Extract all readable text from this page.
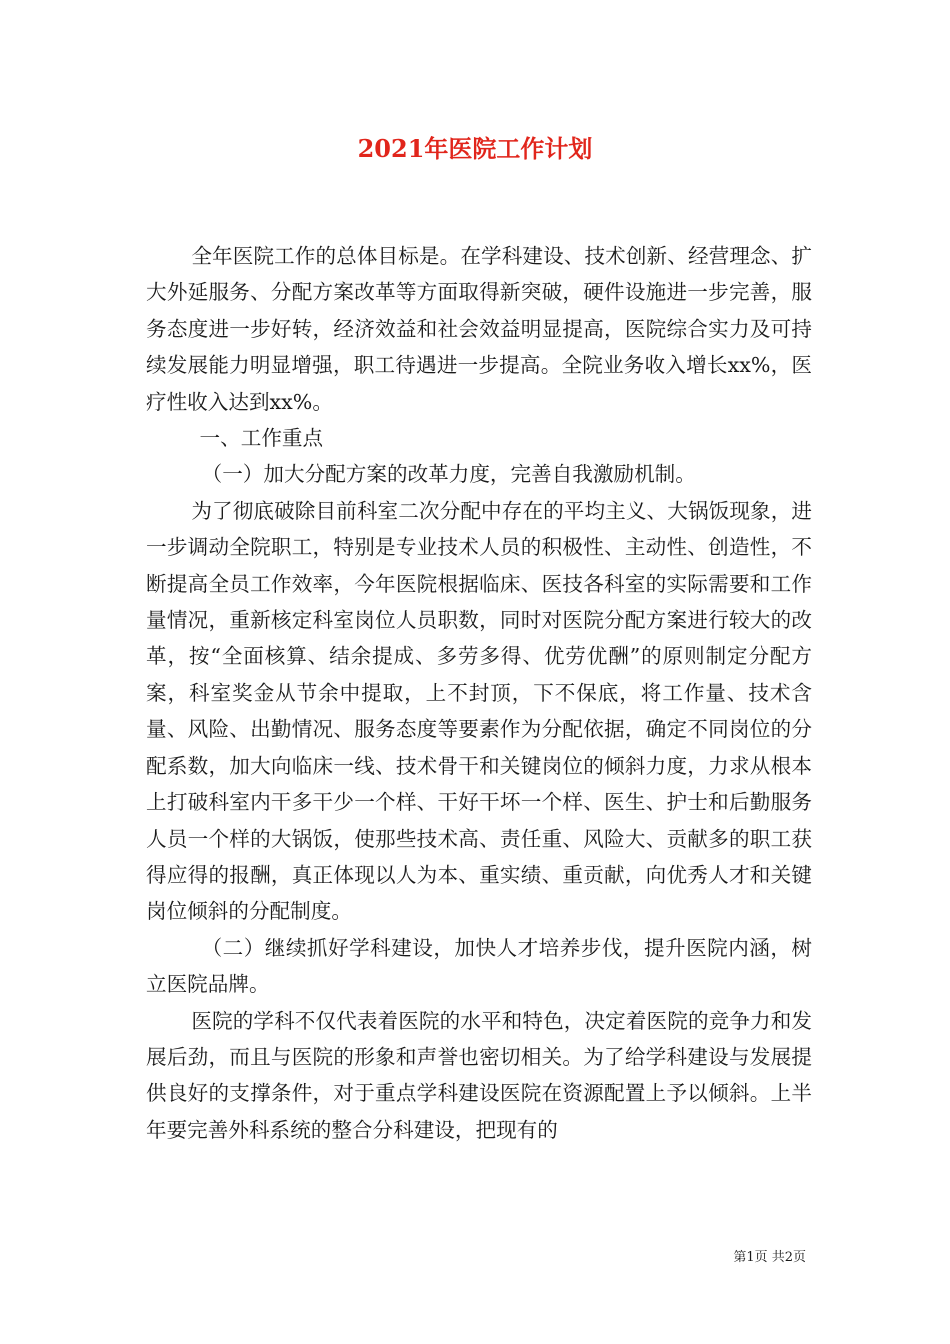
2021年医院工作计划

全年医院工作的总体目标是。在学科建设、技术创新、经营理念、扩大外延服务、分配方案改革等方面取得新突破，硬件设施进一步完善，服务态度进一步好转，经济效益和社会效益明显提高，医院综合实力及可持续发展能力明显增强，职工待遇进一步提高。全院业务收入增长xx%，医疗性收入达到xx%。

一、工作重点

（一）加大分配方案的改革力度，完善自我激励机制。

为了彻底破除目前科室二次分配中存在的平均主义、大锅饭现象，进一步调动全院职工，特别是专业技术人员的积极性、主动性、创造性，不断提高全员工作效率，今年医院根据临床、医技各科室的实际需要和工作量情况，重新核定科室岗位人员职数，同时对医院分配方案进行较大的改革，按“全面核算、结余提成、多劳多得、优劳优酬”的原则制定分配方案，科室奖金从节余中提取，上不封顶，下不保底，将工作量、技术含量、风险、出勤情况、服务态度等要素作为分配依据，确定不同岗位的分配系数，加大向临床一线、技术骨干和关键岗位的倾斜力度，力求从根本上打破科室内干多干少一个样、干好干坏一个样、医生、护士和后勤服务人员一个样的大锅饭，使那些技术高、责任重、风险大、贡献多的职工获得应得的报酬，真正体现以人为本、重实绩、重贡献，向优秀人才和关键岗位倾斜的分配制度。

（二）继续抓好学科建设，加快人才培养步伐，提升医院内涵，树立医院品牌。

医院的学科不仅代表着医院的水平和特色，决定着医院的竞争力和发展后劲，而且与医院的形象和声誉也密切相关。为了给学科建设与发展提供良好的支撑条件，对于重点学科建设医院在资源配置上予以倾斜。上半年要完善外科系统的整合分科建设，把现有的

第1页 共2页
